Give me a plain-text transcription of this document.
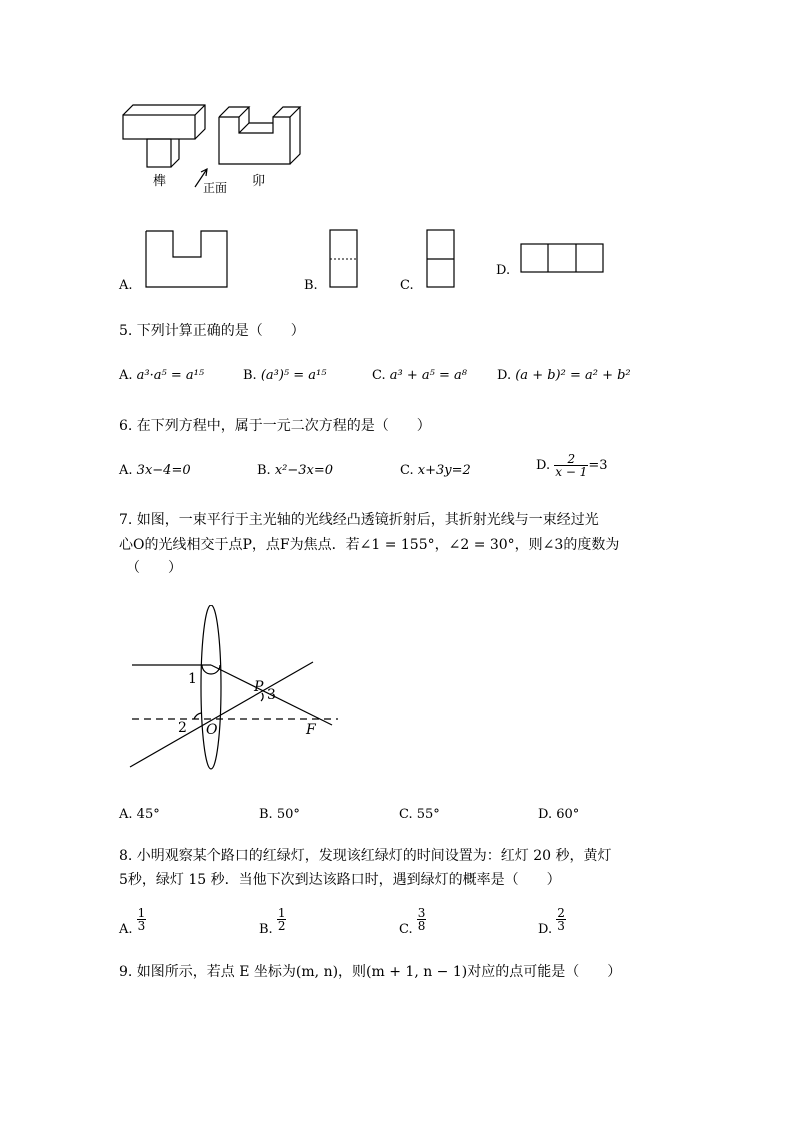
榫	正面 卯
A.	B.	C.
D.
5. 下列计算正确的是（　　）
A. a³·a⁵ = a¹⁵	B. (a³)⁵ = a¹⁵	C. a³ + a⁵ = a⁸ D. (a + b)² = a² + b²
6. 在下列方程中，属于一元二次方程的是（　　）
A. 3x−4=0	B. x²−3x=0	C. x+3y=2	D. $\frac{2}{x - 1} =3$
7. 如图，一束平行于主光轴的光线经凸透镜折射后，其折射光线与一束经过光
心O的光线相交于点P，点F为焦点．若∠1 = 155°，∠2 = 30°，则∠3的度数为
（　　）
1
2
3
O
P
F
A. 45°	B. 50°	C. 55°	D. 60°
8. 小明观察某个路口的红绿灯，发现该红绿灯的时间设置为：红灯 20 秒，黄灯
5秒，绿灯 15 秒．当他下次到达该路口时，遇到绿灯的概率是（　　）
A. $\frac{1}{3}$	B. $\frac{1}{2}$	C. $\frac{3}{8}$	D. $\frac{2}{3}$
9. 如图所示，若点 E 坐标为(m, n)，则(m + 1, n − 1)对应的点可能是（　　）
